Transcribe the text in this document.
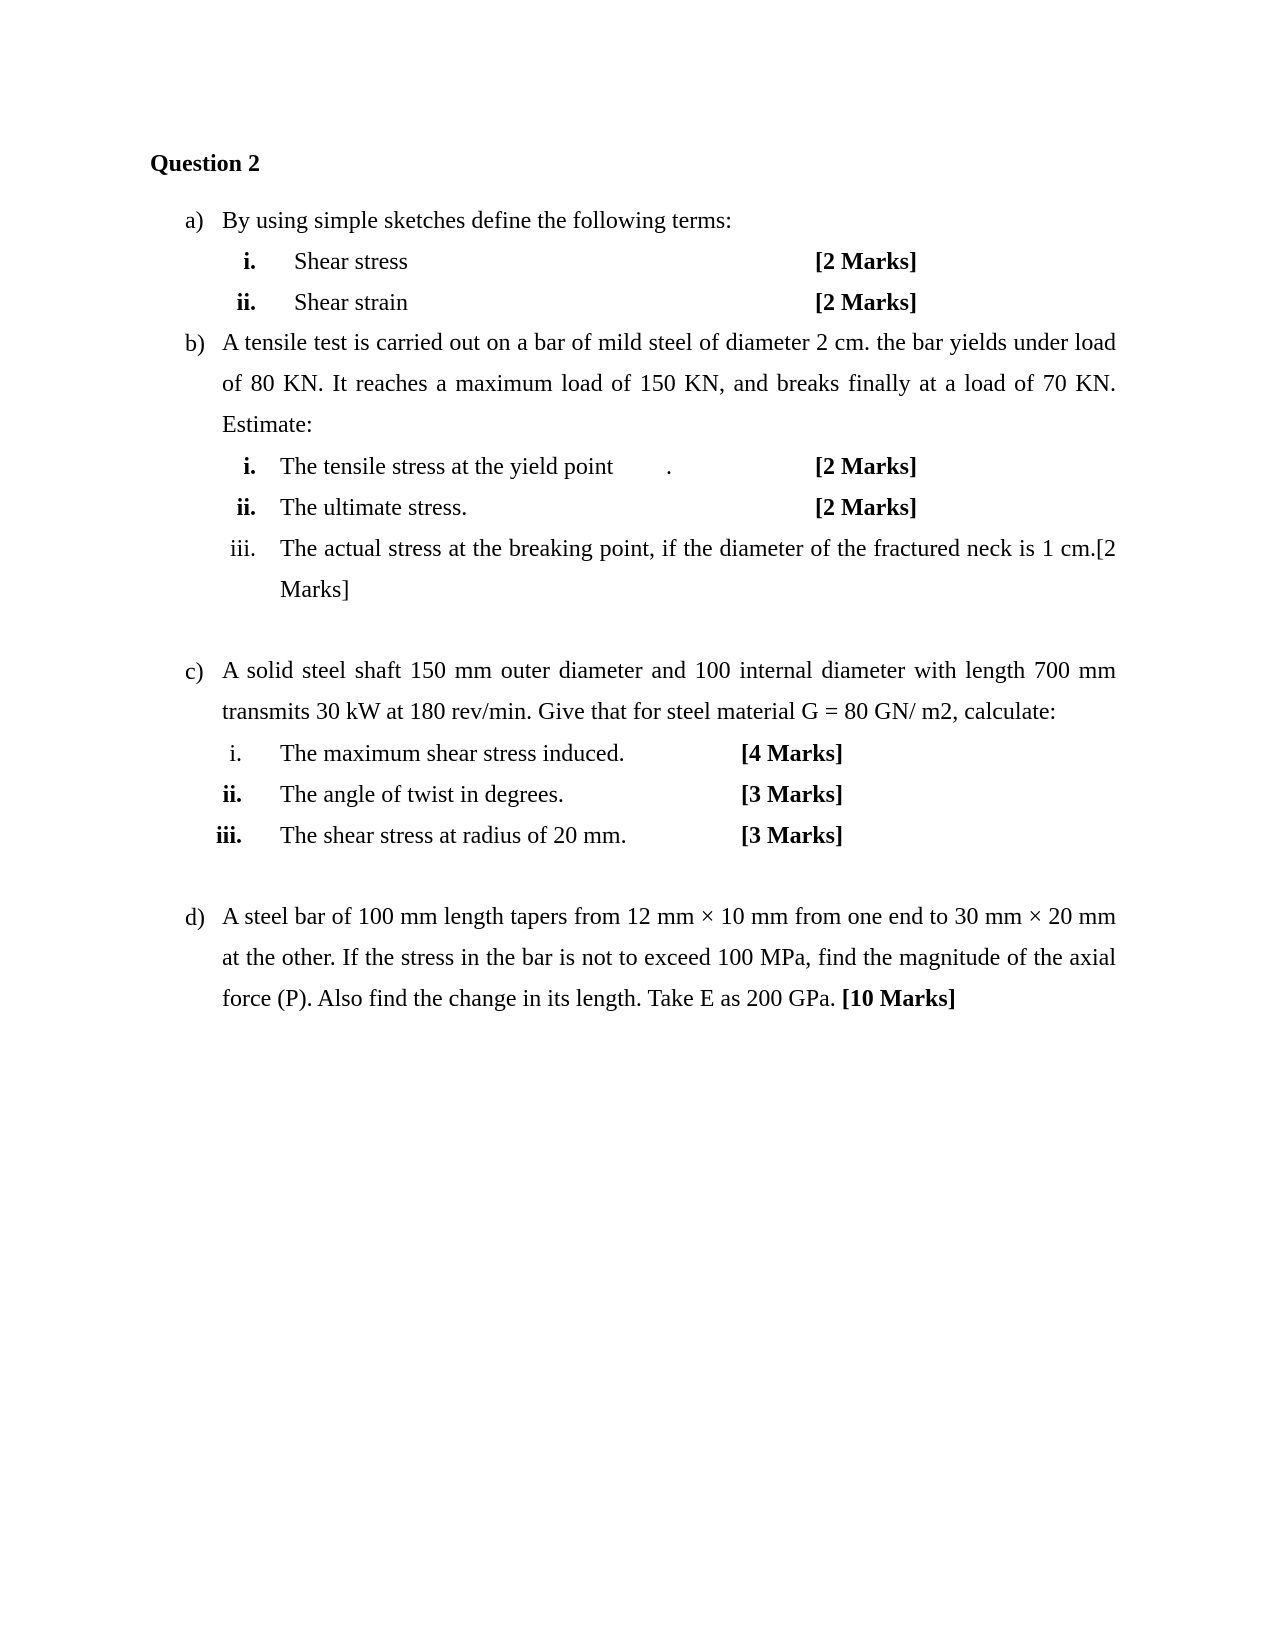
Question 2
a) By using simple sketches define the following terms:
i. Shear stress	[2 Marks]
ii. Shear strain	[2 Marks]
b) A tensile test is carried out on a bar of mild steel of diameter 2 cm. the bar yields under load of 80 KN. It reaches a maximum load of 150 KN, and breaks finally at a load of 70 KN. Estimate:
i. The tensile stress at the yield point .	[2 Marks]
ii. The ultimate stress.	[2 Marks]
iii. The actual stress at the breaking point, if the diameter of the fractured neck is 1 cm.[2 Marks]
c) A solid steel shaft 150 mm outer diameter and 100 internal diameter with length 700 mm transmits 30 kW at 180 rev/min. Give that for steel material G = 80 GN/ m2, calculate:
i. The maximum shear stress induced.	[4 Marks]
ii. The angle of twist in degrees.	[3 Marks]
iii. The shear stress at radius of 20 mm.	[3 Marks]
d) A steel bar of 100 mm length tapers from 12 mm × 10 mm from one end to 30 mm × 20 mm at the other. If the stress in the bar is not to exceed 100 MPa, find the magnitude of the axial force (P). Also find the change in its length. Take E as 200 GPa. [10 Marks]
